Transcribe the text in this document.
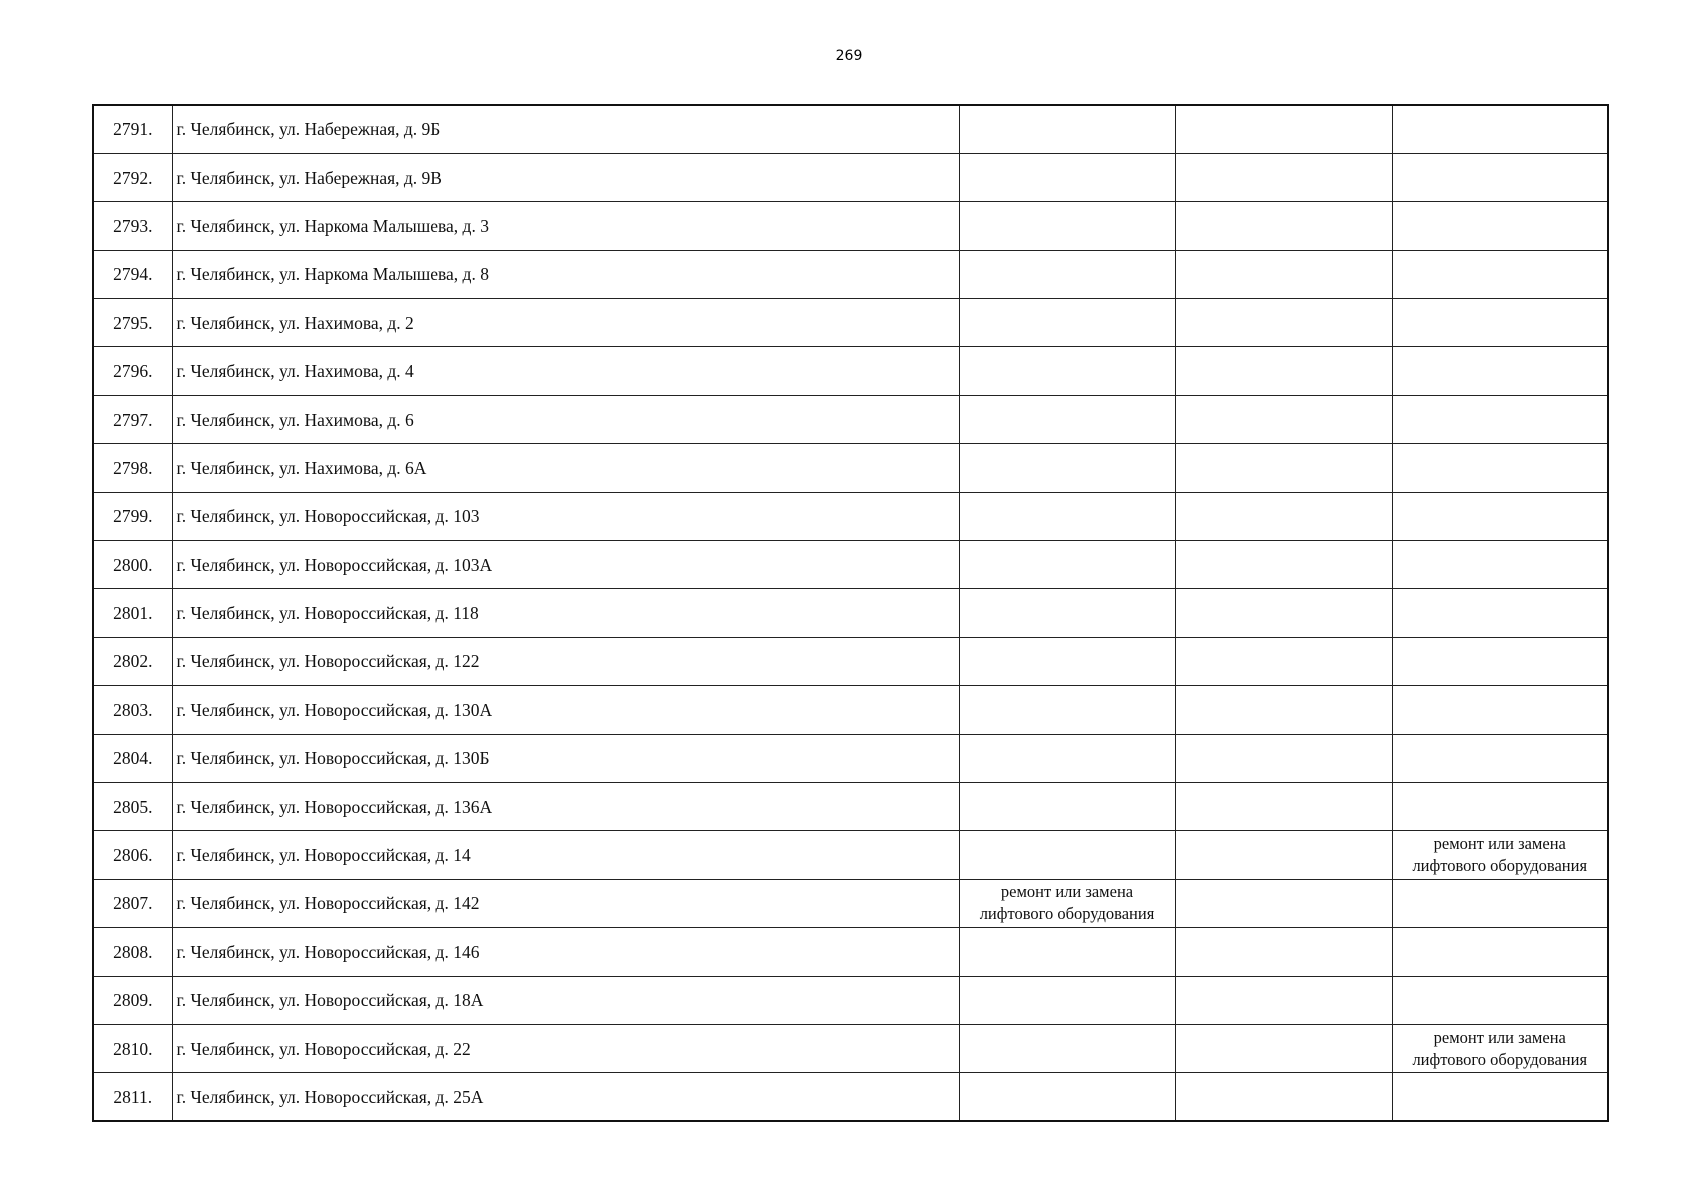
269
2791.	г. Челябинск, ул. Набережная, д. 9Б			
2792.	г. Челябинск, ул. Набережная, д. 9В			
2793.	г. Челябинск, ул. Наркома Малышева, д. 3			
2794.	г. Челябинск, ул. Наркома Малышева, д. 8			
2795.	г. Челябинск, ул. Нахимова, д. 2			
2796.	г. Челябинск, ул. Нахимова, д. 4			
2797.	г. Челябинск, ул. Нахимова, д. 6			
2798.	г. Челябинск, ул. Нахимова, д. 6А			
2799.	г. Челябинск, ул. Новороссийская, д. 103			
2800.	г. Челябинск, ул. Новороссийская, д. 103А			
2801.	г. Челябинск, ул. Новороссийская, д. 118			
2802.	г. Челябинск, ул. Новороссийская, д. 122			
2803.	г. Челябинск, ул. Новороссийская, д. 130А			
2804.	г. Челябинск, ул. Новороссийская, д. 130Б			
2805.	г. Челябинск, ул. Новороссийская, д. 136А			
2806.	г. Челябинск, ул. Новороссийская, д. 14			ремонт или замена лифтового оборудования
2807.	г. Челябинск, ул. Новороссийская, д. 142	ремонт или замена лифтового оборудования		
2808.	г. Челябинск, ул. Новороссийская, д. 146			
2809.	г. Челябинск, ул. Новороссийская, д. 18А			
2810.	г. Челябинск, ул. Новороссийская, д. 22			ремонт или замена лифтового оборудования
2811.	г. Челябинск, ул. Новороссийская, д. 25А			
